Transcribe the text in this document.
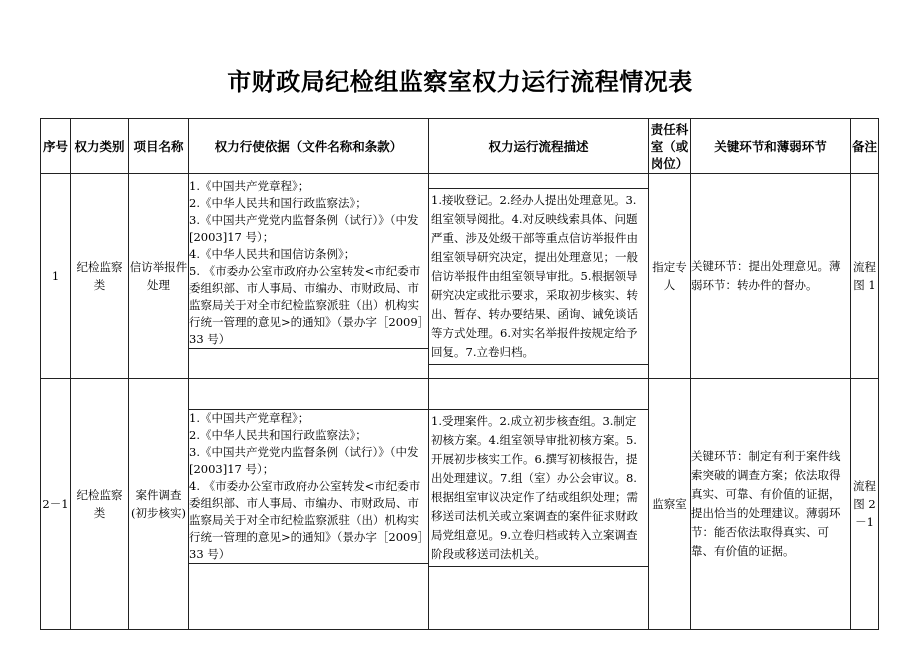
市财政局纪检组监察室权力运行流程情况表
序号	权力类别	项目名称	权力行使依据（文件名称和条款）	权力运行流程描述	责任科室（或岗位）	关键环节和薄弱环节	备注
1	纪检监察类	信访举报件处理	1.《中国共产党章程》；
2.《中华人民共和国行政监察法》；
3.《中国共产党党内监督条例（试行）》（中发[2003]17 号）；
4.《中华人民共和国信访条例》；
5. 《市委办公室市政府办公室转发<市纪委市委组织部、市人事局、市编办、市财政局、市监察局关于对全市纪检监察派驻（出）机构实行统一管理的意见>的通知》（景办字［2009］33 号）	1.接收登记。2.经办人提出处理意见。3.组室领导阅批。4.对反映线索具体、问题严重、涉及处级干部等重点信访举报件由组室领导研究决定，提出处理意见；一般信访举报件由组室领导审批。5.根据领导研究决定或批示要求，采取初步核实、转出、暂存、转办要结果、函询、诫免谈话等方式处理。6.对实名举报件按规定给予回复。7.立卷归档。	指定专人	关键环节：提出处理意见。薄弱环节：转办件的督办。	流程图 1
2－1	纪检监察类	案件调查(初步核实)	1.《中国共产党章程》；
2.《中华人民共和国行政监察法》；
3.《中国共产党党内监督条例（试行）》（中发[2003]17 号）；
4. 《市委办公室市政府办公室转发<市纪委市委组织部、市人事局、市编办、市财政局、市监察局关于对全市纪检监察派驻（出）机构实行统一管理的意见>的通知》（景办字［2009］33 号）	1.受理案件。2.成立初步核查组。3.制定初核方案。4.组室领导审批初核方案。5.开展初步核实工作。6.撰写初核报告，提出处理建议。7.组（室）办公会审议。8.根据组室审议决定作了结或组织处理；需移送司法机关或立案调查的案件征求财政局党组意见。9.立卷归档或转入立案调查阶段或移送司法机关。	监察室	关键环节：制定有利于案件线索突破的调查方案；依法取得真实、可靠、有价值的证据，提出恰当的处理建议。薄弱环节：能否依法取得真实、可靠、有价值的证据。	流程图 2－1
